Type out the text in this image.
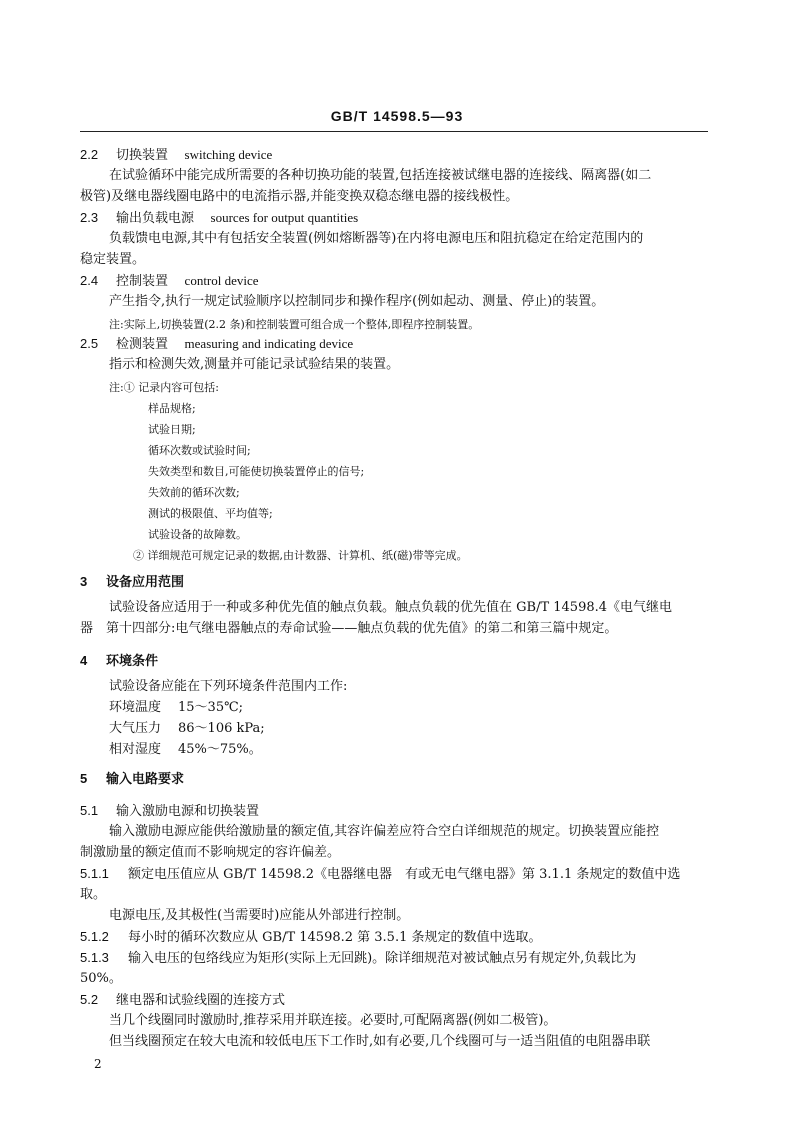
GB/T 14598.5—93
2.2 切换装置 switching device
在试验循环中能完成所需要的各种切换功能的装置,包括连接被试继电器的连接线、隔离器(如二
极管)及继电器线圈电路中的电流指示器,并能变换双稳态继电器的接线极性。
2.3 输出负载电源 sources for output quantities
负载馈电电源,其中有包括安全装置(例如熔断器等)在内将电源电压和阻抗稳定在给定范围内的
稳定装置。
2.4 控制装置 control device
产生指令,执行一规定试验顺序以控制同步和操作程序(例如起动、测量、停止)的装置。
注:实际上,切换装置(2.2 条)和控制装置可组合成一个整体,即程序控制装置。
2.5 检测装置 measuring and indicating device
指示和检测失效,测量并可能记录试验结果的装置。
注:① 记录内容可包括:
样品规格;
试验日期;
循环次数或试验时间;
失效类型和数目,可能使切换装置停止的信号;
失效前的循环次数;
测试的极限值、平均值等;
试验设备的故障数。
② 详细规范可规定记录的数据,由计数器、计算机、纸(磁)带等完成。
3 设备应用范围
试验设备应适用于一种或多种优先值的触点负载。触点负载的优先值在 GB/T 14598.4《电气继电
器　第十四部分:电气继电器触点的寿命试验——触点负载的优先值》的第二和第三篇中规定。
4 环境条件
试验设备应能在下列环境条件范围内工作:
环境温度 15～35℃;
大气压力 86～106 kPa;
相对湿度 45%～75%。
5 输入电路要求
5.1 输入激励电源和切换装置
输入激励电源应能供给激励量的额定值,其容许偏差应符合空白详细规范的规定。切换装置应能控
制激励量的额定值而不影响规定的容许偏差。
5.1.1 额定电压值应从 GB/T 14598.2《电器继电器　有或无电气继电器》第 3.1.1 条规定的数值中选
取。
电源电压,及其极性(当需要时)应能从外部进行控制。
5.1.2 每小时的循环次数应从 GB/T 14598.2 第 3.5.1 条规定的数值中选取。
5.1.3 输入电压的包络线应为矩形(实际上无回跳)。除详细规范对被试触点另有规定外,负载比为
50%。
5.2 继电器和试验线圈的连接方式
当几个线圈同时激励时,推荐采用并联连接。必要时,可配隔离器(例如二极管)。
但当线圈预定在较大电流和较低电压下工作时,如有必要,几个线圈可与一适当阻值的电阻器串联
2
